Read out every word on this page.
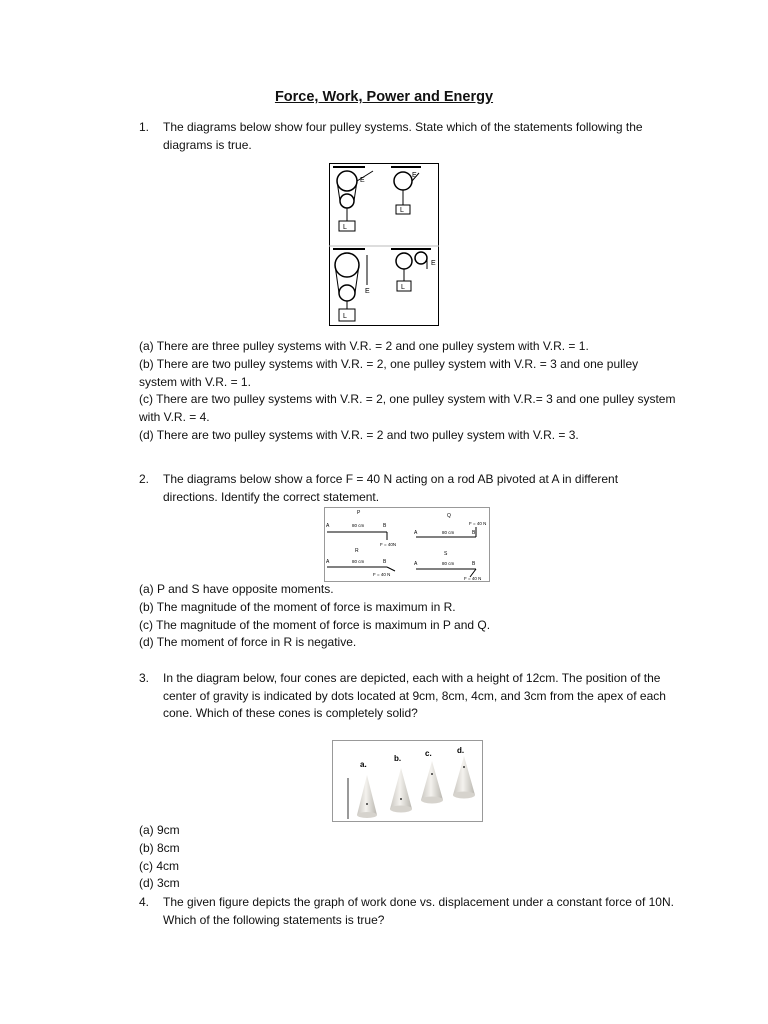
Force, Work, Power and Energy
1. The diagrams below show four pulley systems. State which of the statements following the diagrams is true.
L
E
L
E
L
E
L
E

(a) There are three pulley systems with V.R. = 2 and one pulley system with V.R. = 1.

(b) There are two pulley systems with V.R. = 2, one pulley system with V.R. = 3 and one pulley system with V.R. = 1.

(c) There are two pulley systems with V.R. = 2, one pulley system with V.R.= 3 and one pulley system with V.R. = 4.

(d) There are two pulley systems with V.R. = 2 and two pulley system with V.R. = 3.

2. The diagrams below show a force F = 40 N acting on a rod AB pivoted at A in different directions. Identify the correct statement.
P
A	80 cm	B
F = 40N
Q
F = 40 N
A	80 cm	B
R
A	80 cm	B
F = 40 N
S
A	80 cm	B
F = 40 N

(a) P and S have opposite moments.

(b) The magnitude of the moment of force is maximum in R.

(c) The magnitude of the moment of force is maximum in P and Q.

(d) The moment of force in R is negative.

3. In the diagram below, four cones are depicted, each with a height of 12cm. The position of the center of gravity is indicated by dots located at 9cm, 8cm, 4cm, and 3cm from the apex of each cone. Which of these cones is completely solid?
a.
b.
c.	d.

(a) 9cm

(b) 8cm

(c) 4cm

(d) 3cm

4. The given figure depicts the graph of work done vs. displacement under a constant force of 10N. Which of the following statements is true?
